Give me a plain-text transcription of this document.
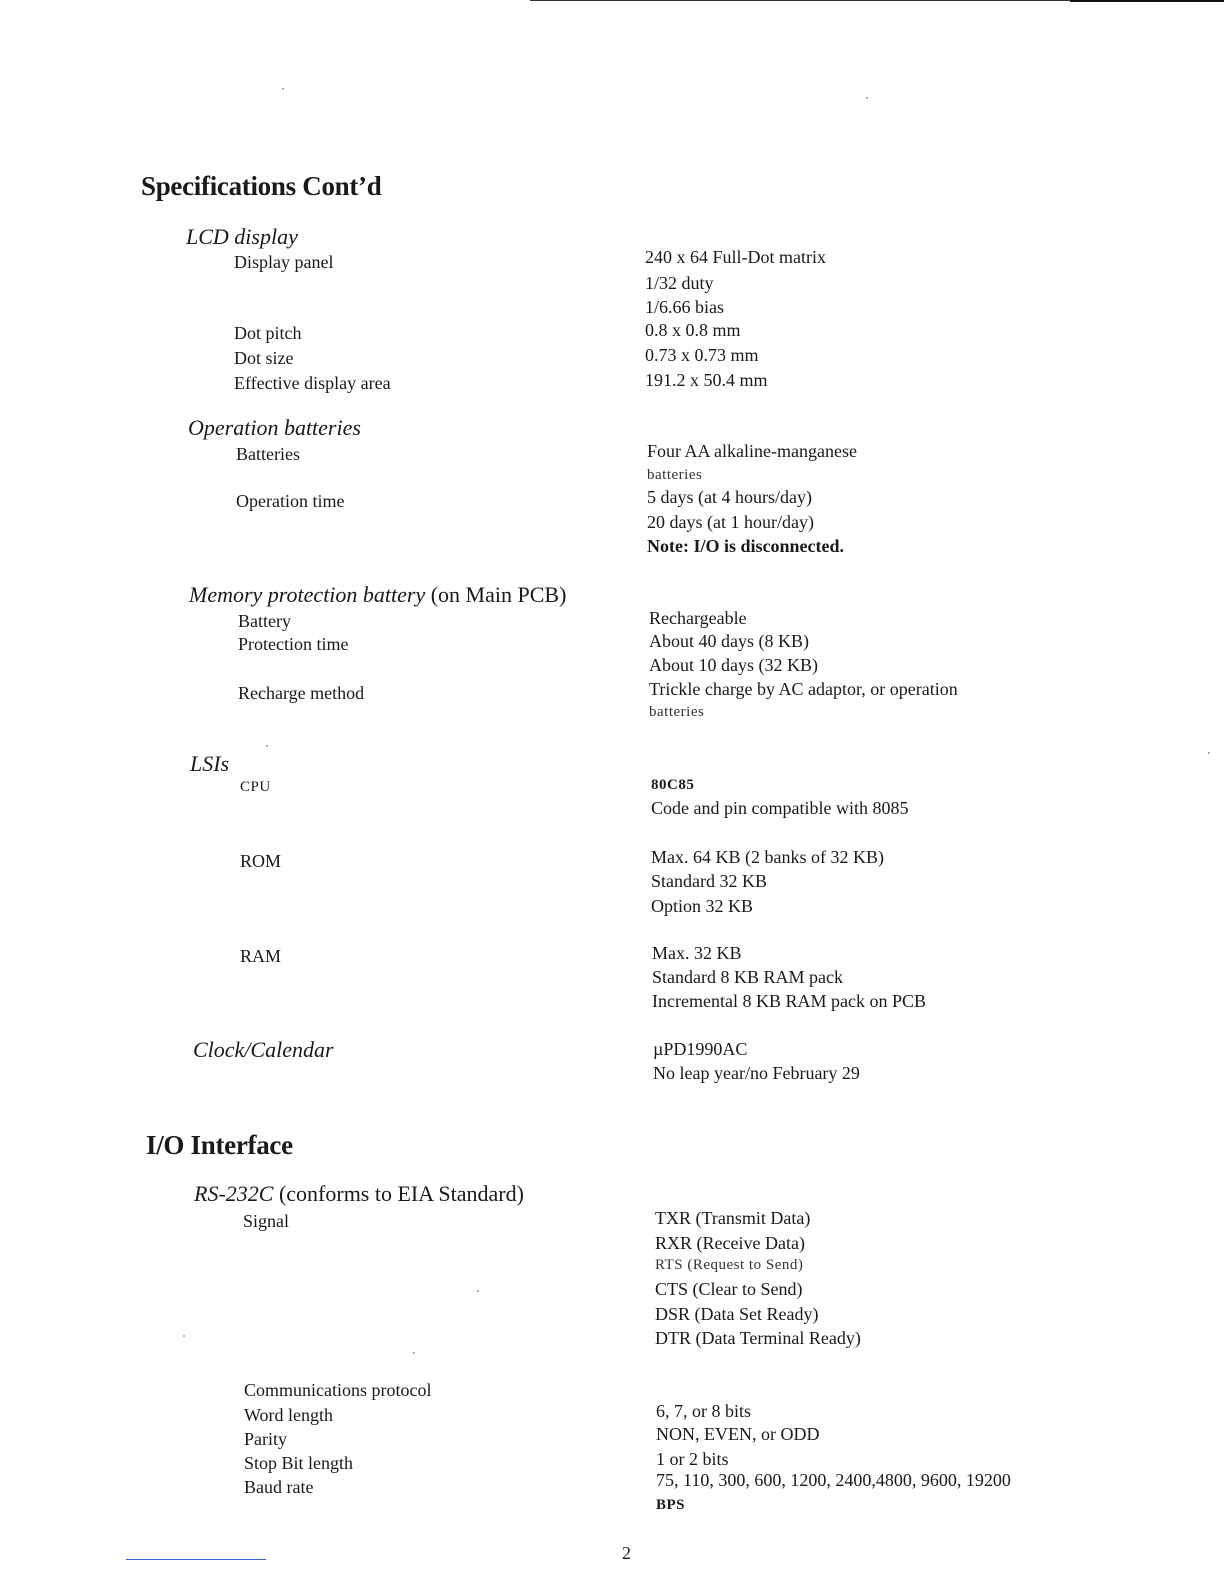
Specifications Cont’d
LCD display
Display panel	240 x 64 Full-Dot matrix
1/32 duty
1/6.66 bias
Dot pitch	0.8 x 0.8 mm
Dot size	0.73 x 0.73 mm
Effective display area	191.2 x 50.4 mm
Operation batteries
Batteries	Four AA alkaline-manganese
batteries
Operation time	5 days (at 4 hours/day)
20 days (at 1 hour/day)
Note: I/O is disconnected.
Memory protection battery (on Main PCB)
Battery	Rechargeable
Protection time	About 40 days (8 KB)
About 10 days (32 KB)
Recharge method	Trickle charge by AC adaptor, or operation
batteries
LSIs
CPU	80C85
Code and pin compatible with 8085
ROM	Max. 64 KB (2 banks of 32 KB)
Standard 32 KB
Option 32 KB
RAM	Max. 32 KB
Standard 8 KB RAM pack
Incremental 8 KB RAM pack on PCB
Clock/Calendar	µPD1990AC
No leap year/no February 29
I/O Interface
RS-232C (conforms to EIA Standard)
Signal	TXR (Transmit Data)
RXR (Receive Data)
RTS (Request to Send)
CTS (Clear to Send)
DSR (Data Set Ready)
DTR (Data Terminal Ready)
Communications protocol
Word length	6, 7, or 8 bits
Parity	NON, EVEN, or ODD
Stop Bit length	1 or 2 bits
Baud rate	75, 110, 300, 600, 1200, 2400,4800, 9600, 19200
BPS
2
